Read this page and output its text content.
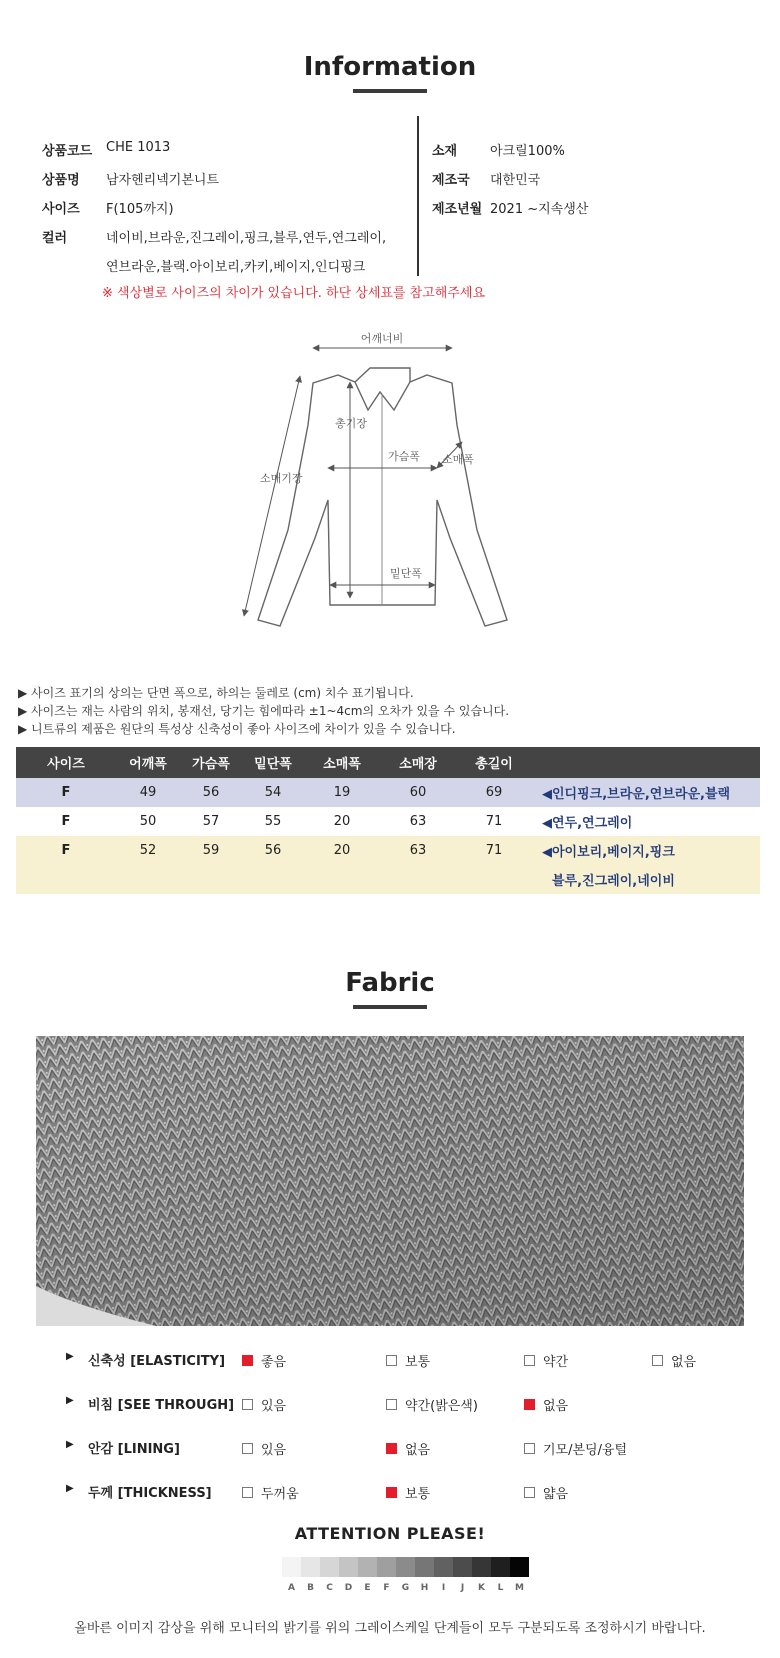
Information
상품코드 CHE 1013
상품명 남자헨리넥기본니트
사이즈 F(105까지)
컬러	네이비,브라운,진그레이,핑크,블루,연두,연그레이,
연브라운,블랙.아이보리,카키,베이지,인디핑크
소재	아크릴100%
제조국 대한민국
제조년월 2021 ~지속생산
※ 색상별로 사이즈의 차이가 있습니다. 하단 상세표를 참고해주세요
어깨너비
총기장
가슴폭 소매폭
소매기장
밑단폭
▶ 사이즈 표기의 상의는 단면 폭으로, 하의는 둘레로 (cm) 치수 표기됩니다.
▶ 사이즈는 재는 사람의 위치, 봉재선, 당기는 힘에따라 ±1~4cm의 오차가 있을 수 있습니다.
▶ 니트류의 제품은 원단의 특성상 신축성이 좋아 사이즈에 차이가 있을 수 있습니다.
사이즈	어깨폭	가슴폭	밑단폭	소매폭	소매장	총길이	
F	49	56	54	19	60	69	◀인디핑크,브라운,연브라운,블랙
F	50	57	55	20	63	71	◀연두,연그레이
F	52	59	56	20	63	71	◀아이보리,베이지,핑크
							블루,진그레이,네이비
Fabric
▶ 신축성 [ELASTICITY]	좋음	보통	약간	없음
▶ 비침 [SEE THROUGH] 있음	약간(밝은색)	없음
▶ 안감 [LINING]	있음	없음	기모/본딩/융털
▶ 두께 [THICKNESS]	두꺼움	보통	얇음
ATTENTION PLEASE!
A	B	C	D	E	F	G	H	I	J	K	L	M
올바른 이미지 감상을 위해 모니터의 밝기를 위의 그레이스케일 단계들이 모두 구분되도록 조정하시기 바랍니다.
